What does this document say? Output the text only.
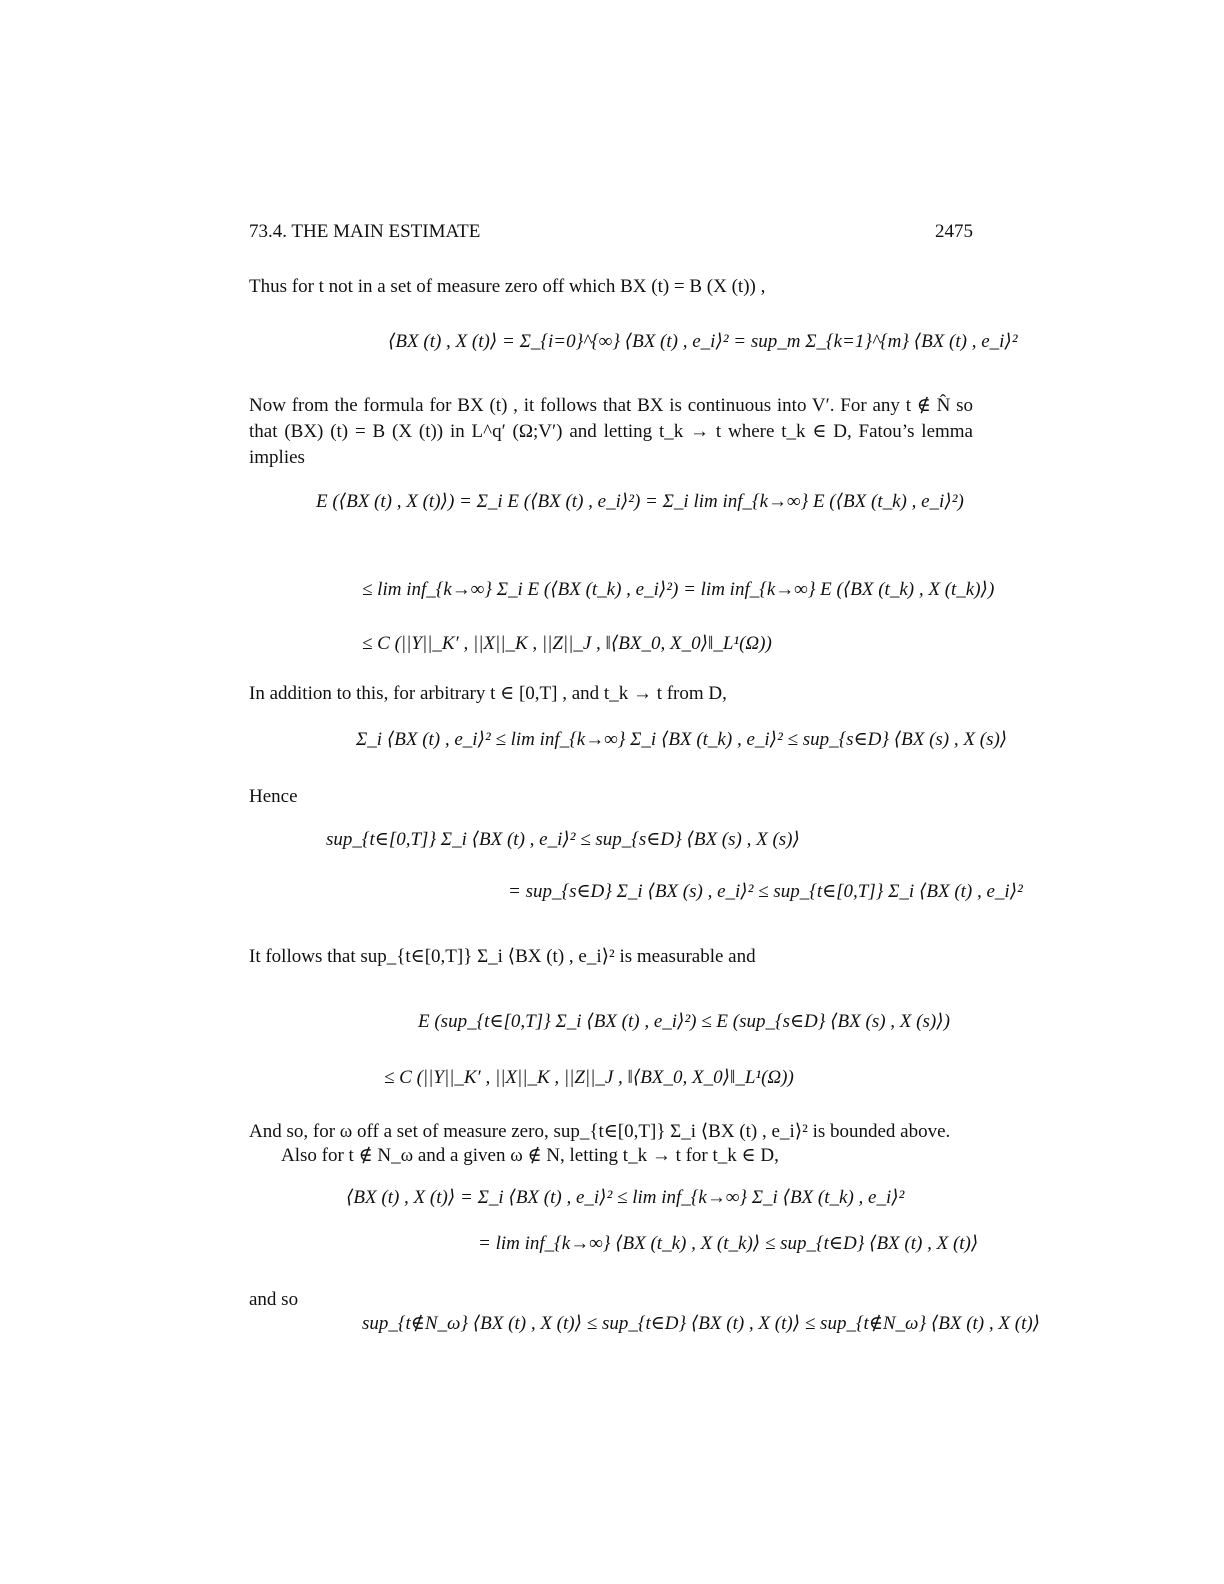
73.4. THE MAIN ESTIMATE	2475
Thus for t not in a set of measure zero off which BX (t) = B (X (t)) ,
⟨BX (t) , X (t)⟩ = Σ_{i=0}^{∞} ⟨BX (t) , e_i⟩² = sup_m Σ_{k=1}^{m} ⟨BX (t) , e_i⟩²
Now from the formula for BX (t) , it follows that BX is continuous into V′. For any t ∉ N̂ so that (BX) (t) = B (X (t)) in L^q′ (Ω;V′) and letting t_k → t where t_k ∈ D, Fatou’s lemma implies
E (⟨BX (t) , X (t)⟩) = Σ_i E (⟨BX (t) , e_i⟩²) = Σ_i lim inf_{k→∞} E (⟨BX (t_k) , e_i⟩²)
≤ lim inf_{k→∞} Σ_i E (⟨BX (t_k) , e_i⟩²) = lim inf_{k→∞} E (⟨BX (t_k) , X (t_k)⟩)
≤ C (||Y||_K′ , ||X||_K , ||Z||_J , ‖⟨BX_0, X_0⟩‖_L¹(Ω))
In addition to this, for arbitrary t ∈ [0,T] , and t_k → t from D,
Σ_i ⟨BX (t) , e_i⟩² ≤ lim inf_{k→∞} Σ_i ⟨BX (t_k) , e_i⟩² ≤ sup_{s∈D} ⟨BX (s) , X (s)⟩
Hence
sup_{t∈[0,T]} Σ_i ⟨BX (t) , e_i⟩² ≤ sup_{s∈D} ⟨BX (s) , X (s)⟩
= sup_{s∈D} Σ_i ⟨BX (s) , e_i⟩² ≤ sup_{t∈[0,T]} Σ_i ⟨BX (t) , e_i⟩²
It follows that sup_{t∈[0,T]} Σ_i ⟨BX (t) , e_i⟩² is measurable and
E (sup_{t∈[0,T]} Σ_i ⟨BX (t) , e_i⟩²) ≤ E (sup_{s∈D} ⟨BX (s) , X (s)⟩)
≤ C (||Y||_K′ , ||X||_K , ||Z||_J , ‖⟨BX_0, X_0⟩‖_L¹(Ω))
And so, for ω off a set of measure zero, sup_{t∈[0,T]} Σ_i ⟨BX (t) , e_i⟩² is bounded above.
Also for t ∉ N_ω and a given ω ∉ N, letting t_k → t for t_k ∈ D,
⟨BX (t) , X (t)⟩ = Σ_i ⟨BX (t) , e_i⟩² ≤ lim inf_{k→∞} Σ_i ⟨BX (t_k) , e_i⟩²
= lim inf_{k→∞} ⟨BX (t_k) , X (t_k)⟩ ≤ sup_{t∈D} ⟨BX (t) , X (t)⟩
and so
sup_{t∉N_ω} ⟨BX (t) , X (t)⟩ ≤ sup_{t∈D} ⟨BX (t) , X (t)⟩ ≤ sup_{t∉N_ω} ⟨BX (t) , X (t)⟩
